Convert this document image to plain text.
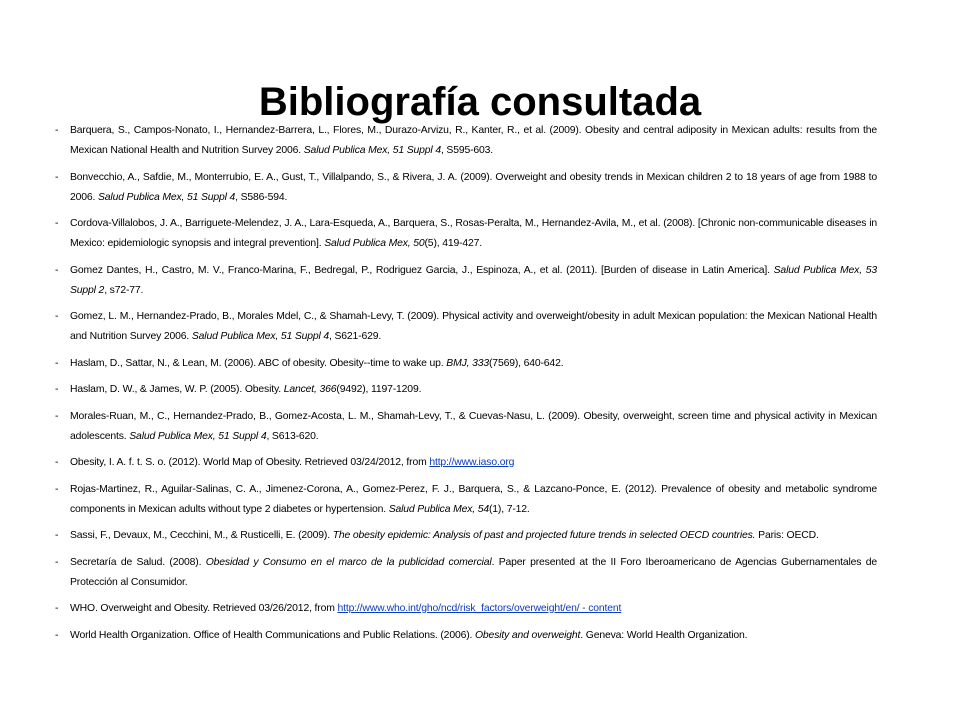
Bibliografía consultada
- Barquera, S., Campos-Nonato, I., Hernandez-Barrera, L., Flores, M., Durazo-Arvizu, R., Kanter, R., et al. (2009). Obesity and central adiposity in Mexican adults: results from the Mexican National Health and Nutrition Survey 2006. Salud Publica Mex, 51 Suppl 4, S595-603.
- Bonvecchio, A., Safdie, M., Monterrubio, E. A., Gust, T., Villalpando, S., & Rivera, J. A. (2009). Overweight and obesity trends in Mexican children 2 to 18 years of age from 1988 to 2006. Salud Publica Mex, 51 Suppl 4, S586-594.
- Cordova-Villalobos, J. A., Barriguete-Melendez, J. A., Lara-Esqueda, A., Barquera, S., Rosas-Peralta, M., Hernandez-Avila, M., et al. (2008). [Chronic non-communicable diseases in Mexico: epidemiologic synopsis and integral prevention]. Salud Publica Mex, 50(5), 419-427.
- Gomez Dantes, H., Castro, M. V., Franco-Marina, F., Bedregal, P., Rodriguez Garcia, J., Espinoza, A., et al. (2011). [Burden of disease in Latin America]. Salud Publica Mex, 53 Suppl 2, s72-77.
- Gomez, L. M., Hernandez-Prado, B., Morales Mdel, C., & Shamah-Levy, T. (2009). Physical activity and overweight/obesity in adult Mexican population: the Mexican National Health and Nutrition Survey 2006. Salud Publica Mex, 51 Suppl 4, S621-629.
- Haslam, D., Sattar, N., & Lean, M. (2006). ABC of obesity. Obesity--time to wake up. BMJ, 333(7569), 640-642.
- Haslam, D. W., & James, W. P. (2005). Obesity. Lancet, 366(9492), 1197-1209.
- Morales-Ruan, M., C., Hernandez-Prado, B., Gomez-Acosta, L. M., Shamah-Levy, T., & Cuevas-Nasu, L. (2009). Obesity, overweight, screen time and physical activity in Mexican adolescents. Salud Publica Mex, 51 Suppl 4, S613-620.
- Obesity, I. A. f. t. S. o. (2012). World Map of Obesity. Retrieved 03/24/2012, from http://www.iaso.org
- Rojas-Martinez, R., Aguilar-Salinas, C. A., Jimenez-Corona, A., Gomez-Perez, F. J., Barquera, S., & Lazcano-Ponce, E. (2012). Prevalence of obesity and metabolic syndrome components in Mexican adults without type 2 diabetes or hypertension. Salud Publica Mex, 54(1), 7-12.
- Sassi, F., Devaux, M., Cecchini, M., & Rusticelli, E. (2009). The obesity epidemic: Analysis of past and projected future trends in selected OECD countries. Paris: OECD.
- Secretaría de Salud. (2008). Obesidad y Consumo en el marco de la publicidad comercial. Paper presented at the II Foro Iberoamericano de Agencias Gubernamentales de Protección al Consumidor.
- WHO. Overweight and Obesity. Retrieved 03/26/2012, from http://www.who.int/gho/ncd/risk_factors/overweight/en/ - content
- World Health Organization. Office of Health Communications and Public Relations. (2006). Obesity and overweight. Geneva: World Health Organization.
